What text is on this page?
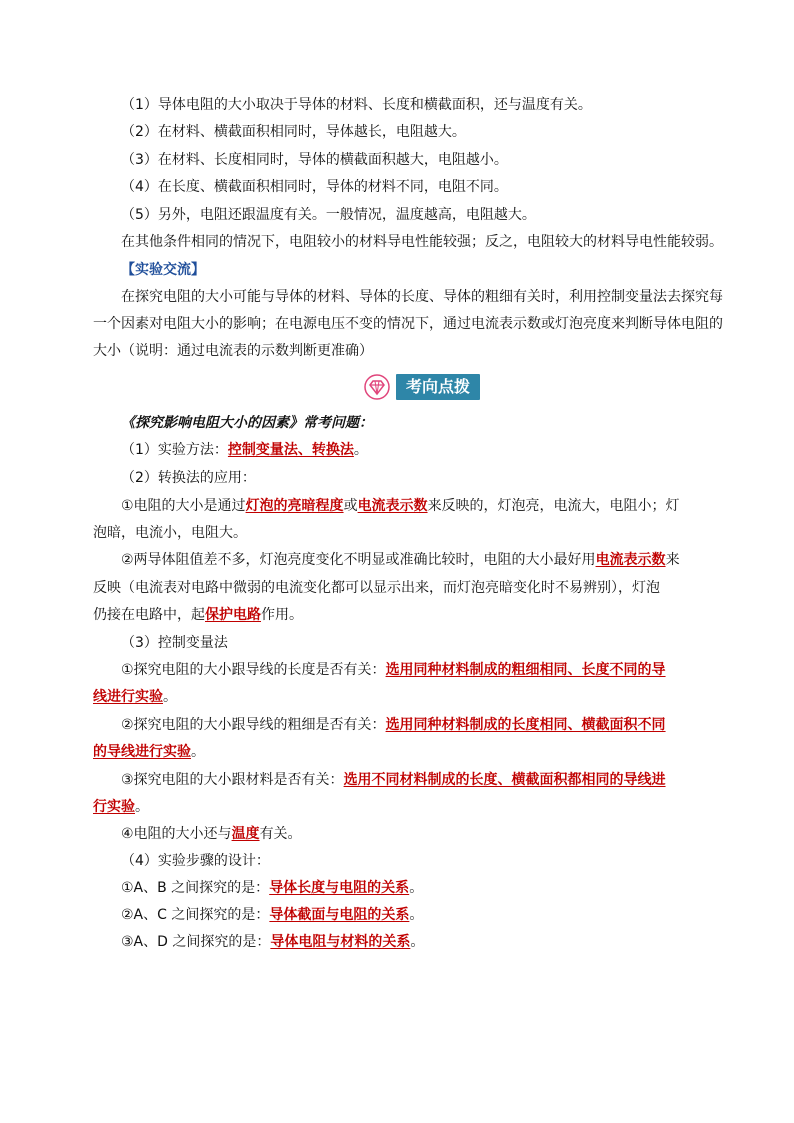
（1）导体电阻的大小取决于导体的材料、长度和横截面积，还与温度有关。
（2）在材料、横截面积相同时，导体越长，电阻越大。
（3）在材料、长度相同时，导体的横截面积越大，电阻越小。
（4）在长度、横截面积相同时，导体的材料不同，电阻不同。
（5）另外，电阻还跟温度有关。一般情况，温度越高，电阻越大。
在其他条件相同的情况下，电阻较小的材料导电性能较强；反之，电阻较大的材料导电性能较弱。
【实验交流】
在探究电阻的大小可能与导体的材料、导体的长度、导体的粗细有关时，利用控制变量法去探究每
一个因素对电阻大小的影响；在电源电压不变的情况下，通过电流表示数或灯泡亮度来判断导体电阻的
大小（说明：通过电流表的示数判断更准确）
考向点拨
《探究影响电阻大小的因素》常考问题：
（1）实验方法：控制变量法、转换法。
（2）转换法的应用：
①电阻的大小是通过灯泡的亮暗程度或电流表示数来反映的，灯泡亮，电流大，电阻小；灯
泡暗，电流小，电阻大。
②两导体阻值差不多，灯泡亮度变化不明显或准确比较时，电阻的大小最好用电流表示数来
反映（电流表对电路中微弱的电流变化都可以显示出来，而灯泡亮暗变化时不易辨别），灯泡
仍接在电路中，起保护电路作用。
（3）控制变量法
①探究电阻的大小跟导线的长度是否有关：选用同种材料制成的粗细相同、长度不同的导
线进行实验。
②探究电阻的大小跟导线的粗细是否有关：选用同种材料制成的长度相同、横截面积不同
的导线进行实验。
③探究电阻的大小跟材料是否有关：选用不同材料制成的长度、横截面积都相同的导线进
行实验。
④电阻的大小还与温度有关。
（4）实验步骤的设计：
①A、B 之间探究的是：导体长度与电阻的关系。
②A、C 之间探究的是：导体截面与电阻的关系。
③A、D 之间探究的是：导体电阻与材料的关系。
